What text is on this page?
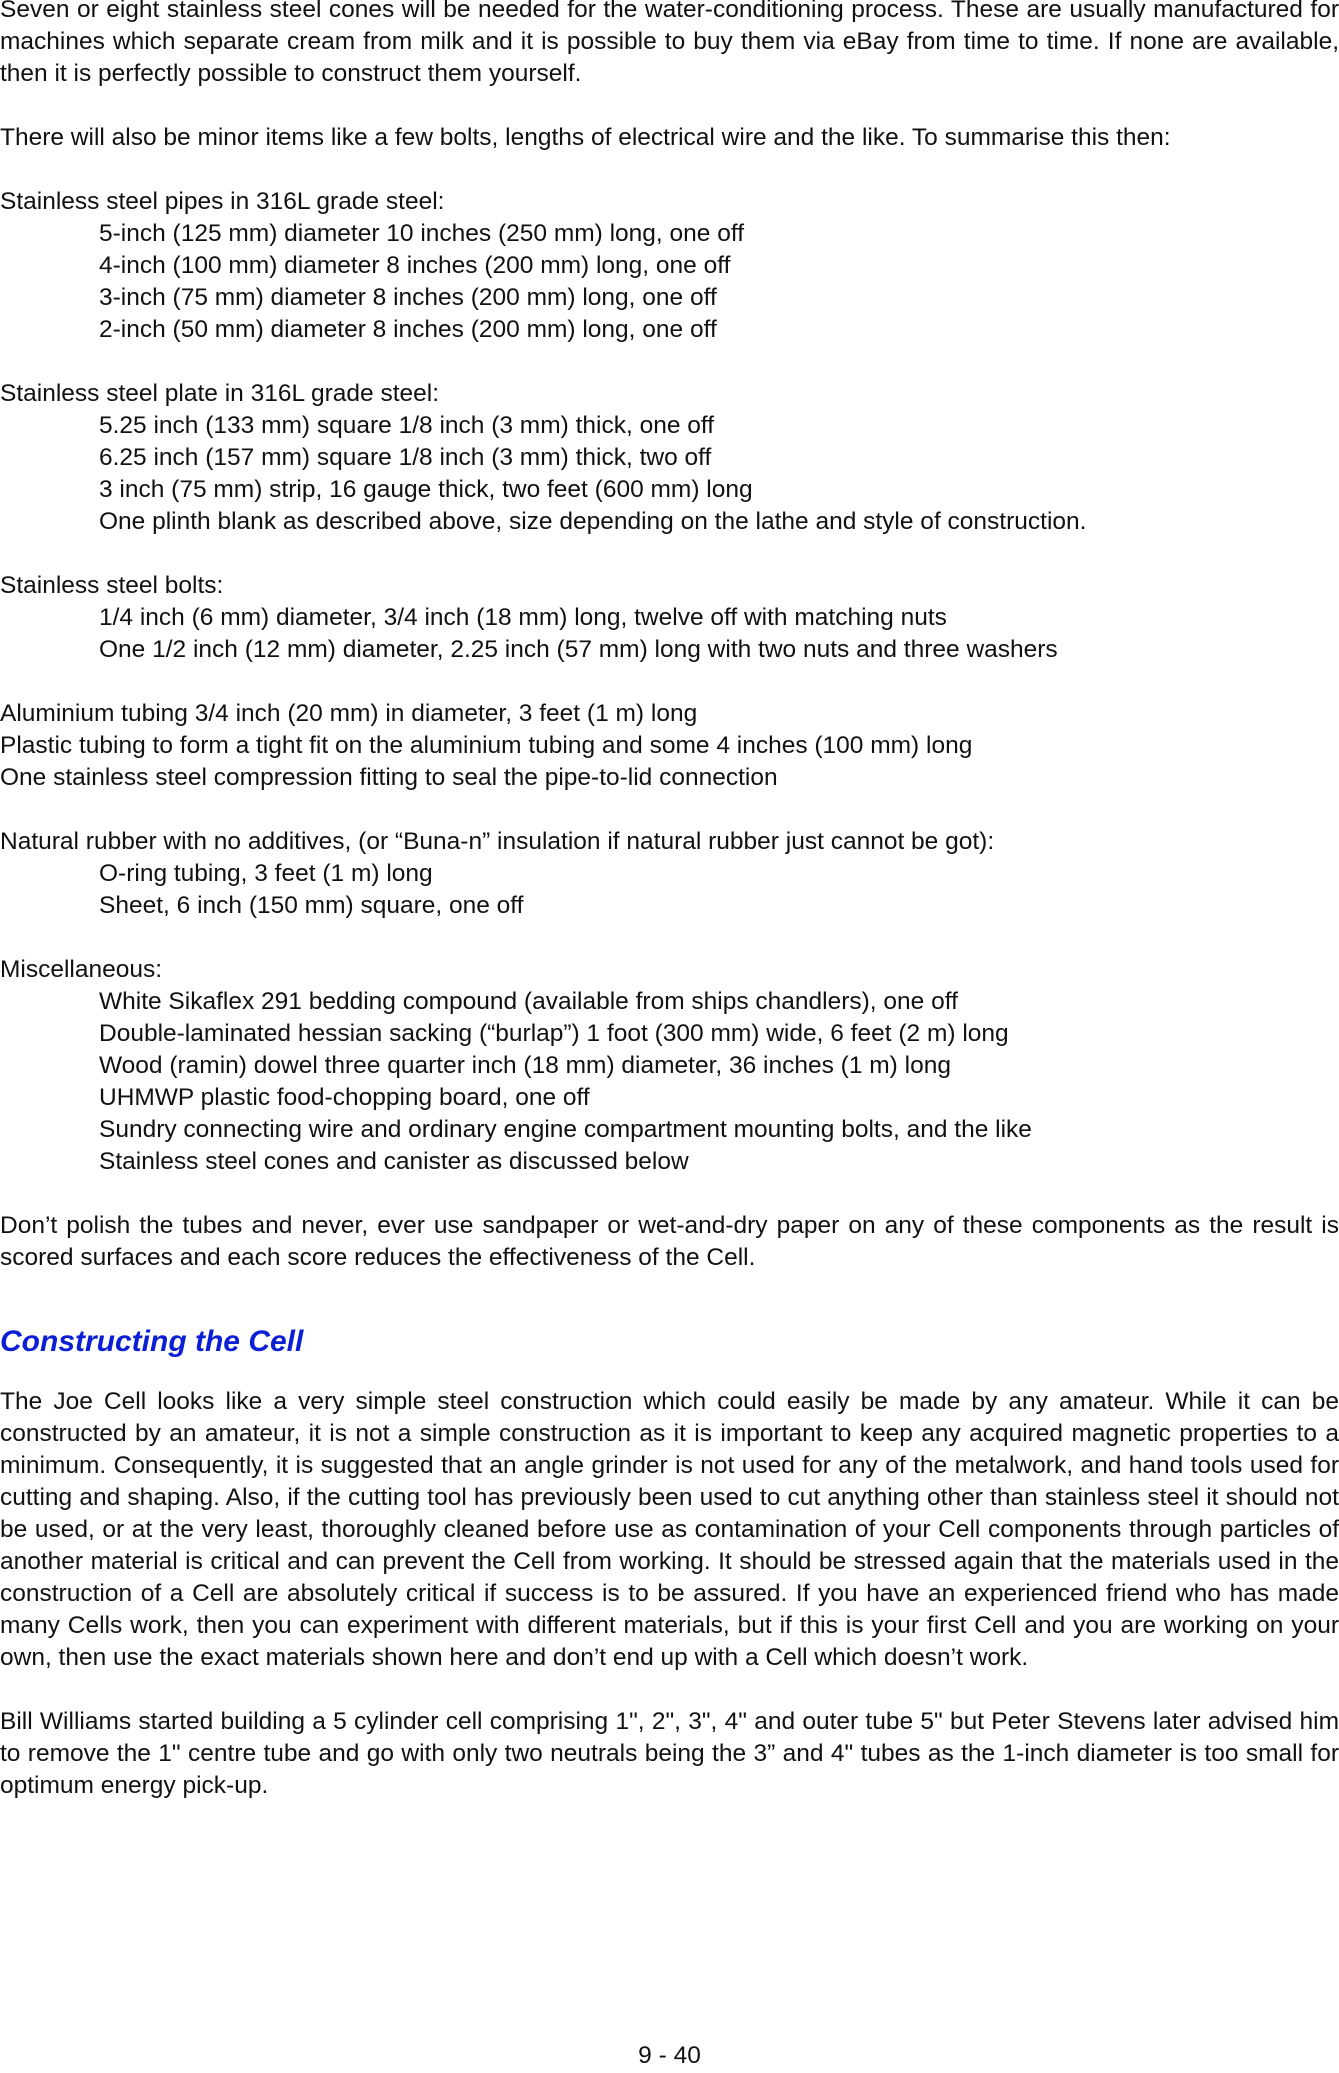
Seven or eight stainless steel cones will be needed for the water-conditioning process. These are usually manufactured for machines which separate cream from milk and it is possible to buy them via eBay from time to time. If none are available, then it is perfectly possible to construct them yourself.

There will also be minor items like a few bolts, lengths of electrical wire and the like. To summarise this then:

Stainless steel pipes in 316L grade steel:
5-inch (125 mm) diameter 10 inches (250 mm) long, one off
4-inch (100 mm) diameter 8 inches (200 mm) long, one off
3-inch (75 mm) diameter 8 inches (200 mm) long, one off
2-inch (50 mm) diameter 8 inches (200 mm) long, one off
Stainless steel plate in 316L grade steel:
5.25 inch (133 mm) square 1/8 inch (3 mm) thick, one off
6.25 inch (157 mm) square 1/8 inch (3 mm) thick, two off
3 inch (75 mm) strip, 16 gauge thick, two feet (600 mm) long
One plinth blank as described above, size depending on the lathe and style of construction.
Stainless steel bolts:
1/4 inch (6 mm) diameter, 3/4 inch (18 mm) long, twelve off with matching nuts
One 1/2 inch (12 mm) diameter, 2.25 inch (57 mm) long with two nuts and three washers
Aluminium tubing 3/4 inch (20 mm) in diameter, 3 feet (1 m) long
Plastic tubing to form a tight fit on the aluminium tubing and some 4 inches (100 mm) long
One stainless steel compression fitting to seal the pipe-to-lid connection
Natural rubber with no additives, (or “Buna-n” insulation if natural rubber just cannot be got):
O-ring tubing, 3 feet (1 m) long
Sheet, 6 inch (150 mm) square, one off
Miscellaneous:
White Sikaflex 291 bedding compound (available from ships chandlers), one off
Double-laminated hessian sacking (“burlap”) 1 foot (300 mm) wide, 6 feet (2 m) long
Wood (ramin) dowel three quarter inch (18 mm) diameter, 36 inches (1 m) long
UHMWP plastic food-chopping board, one off
Sundry connecting wire and ordinary engine compartment mounting bolts, and the like
Stainless steel cones and canister as discussed below

Don’t polish the tubes and never, ever use sandpaper or wet-and-dry paper on any of these components as the result is scored surfaces and each score reduces the effectiveness of the Cell.

Constructing the Cell

The Joe Cell looks like a very simple steel construction which could easily be made by any amateur. While it can be constructed by an amateur, it is not a simple construction as it is important to keep any acquired magnetic properties to a minimum. Consequently, it is suggested that an angle grinder is not used for any of the metalwork, and hand tools used for cutting and shaping. Also, if the cutting tool has previously been used to cut anything other than stainless steel it should not be used, or at the very least, thoroughly cleaned before use as contamination of your Cell components through particles of another material is critical and can prevent the Cell from working. It should be stressed again that the materials used in the construction of a Cell are absolutely critical if success is to be assured. If you have an experienced friend who has made many Cells work, then you can experiment with different materials, but if this is your first Cell and you are working on your own, then use the exact materials shown here and don’t end up with a Cell which doesn’t work.

Bill Williams started building a 5 cylinder cell comprising 1", 2", 3", 4" and outer tube 5" but Peter Stevens later advised him to remove the 1" centre tube and go with only two neutrals being the 3” and 4" tubes as the 1-inch diameter is too small for optimum energy pick-up.

9 - 40
